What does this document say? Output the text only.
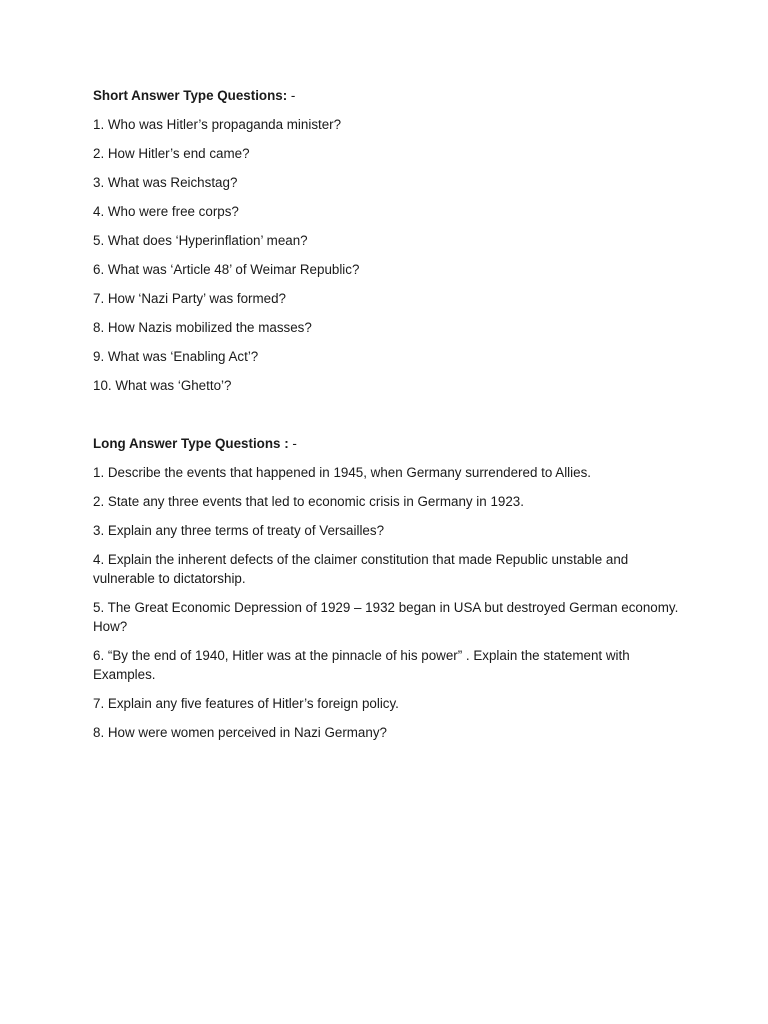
Short Answer Type Questions: -
1. Who was Hitler’s propaganda minister?
2. How Hitler’s end came?
3. What was Reichstag?
4. Who were free corps?
5. What does ‘Hyperinflation’ mean?
6. What was ‘Article 48’ of Weimar Republic?
7. How ‘Nazi Party’ was formed?
8. How Nazis mobilized the masses?
9. What was ‘Enabling Act’?
10. What was ‘Ghetto’?
Long Answer Type Questions : -
1. Describe the events that happened in 1945, when Germany surrendered to Allies.
2. State any three events that led to economic crisis in Germany in 1923.
3. Explain any three terms of treaty of Versailles?
4. Explain the inherent defects of the claimer constitution that made Republic unstable and vulnerable to dictatorship.
5. The Great Economic Depression of 1929 – 1932 began in USA but destroyed German economy. How?
6. “By the end of 1940, Hitler was at the pinnacle of his power” . Explain the statement with Examples.
7. Explain any five features of Hitler’s foreign policy.
8. How were women perceived in Nazi Germany?
